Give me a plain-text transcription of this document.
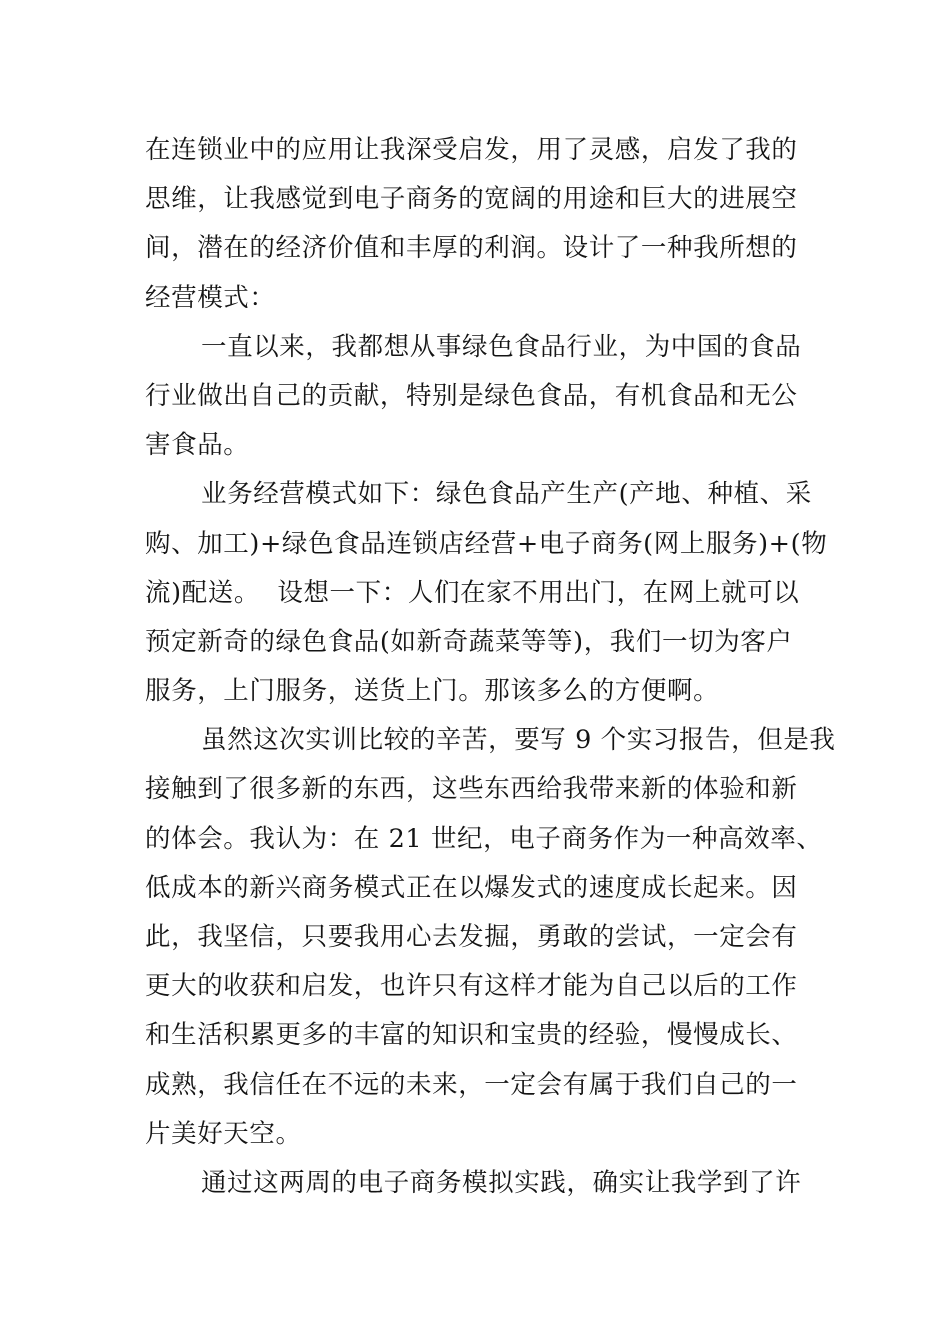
在连锁业中的应用让我深受启发，用了灵感，启发了我的
思维，让我感觉到电子商务的宽阔的用途和巨大的进展空
间，潜在的经济价值和丰厚的利润。设计了一种我所想的
经营模式：
一直以来，我都想从事绿色食品行业，为中国的食品
行业做出自己的贡献，特别是绿色食品，有机食品和无公
害食品。
业务经营模式如下：绿色食品产生产(产地、种植、采
购、加工)+绿色食品连锁店经营+电子商务(网上服务)+(物
流)配送。  设想一下：人们在家不用出门，在网上就可以
预定新奇的绿色食品(如新奇蔬菜等等)，我们一切为客户
服务，上门服务，送货上门。那该多么的方便啊。
虽然这次实训比较的辛苦，要写 9 个实习报告，但是我
接触到了很多新的东西，这些东西给我带来新的体验和新
的体会。我认为：在 21 世纪，电子商务作为一种高效率、
低成本的新兴商务模式正在以爆发式的速度成长起来。因
此，我坚信，只要我用心去发掘，勇敢的尝试，一定会有
更大的收获和启发，也许只有这样才能为自己以后的工作
和生活积累更多的丰富的知识和宝贵的经验，慢慢成长、
成熟，我信任在不远的未来，一定会有属于我们自己的一
片美好天空。
通过这两周的电子商务模拟实践，确实让我学到了许
